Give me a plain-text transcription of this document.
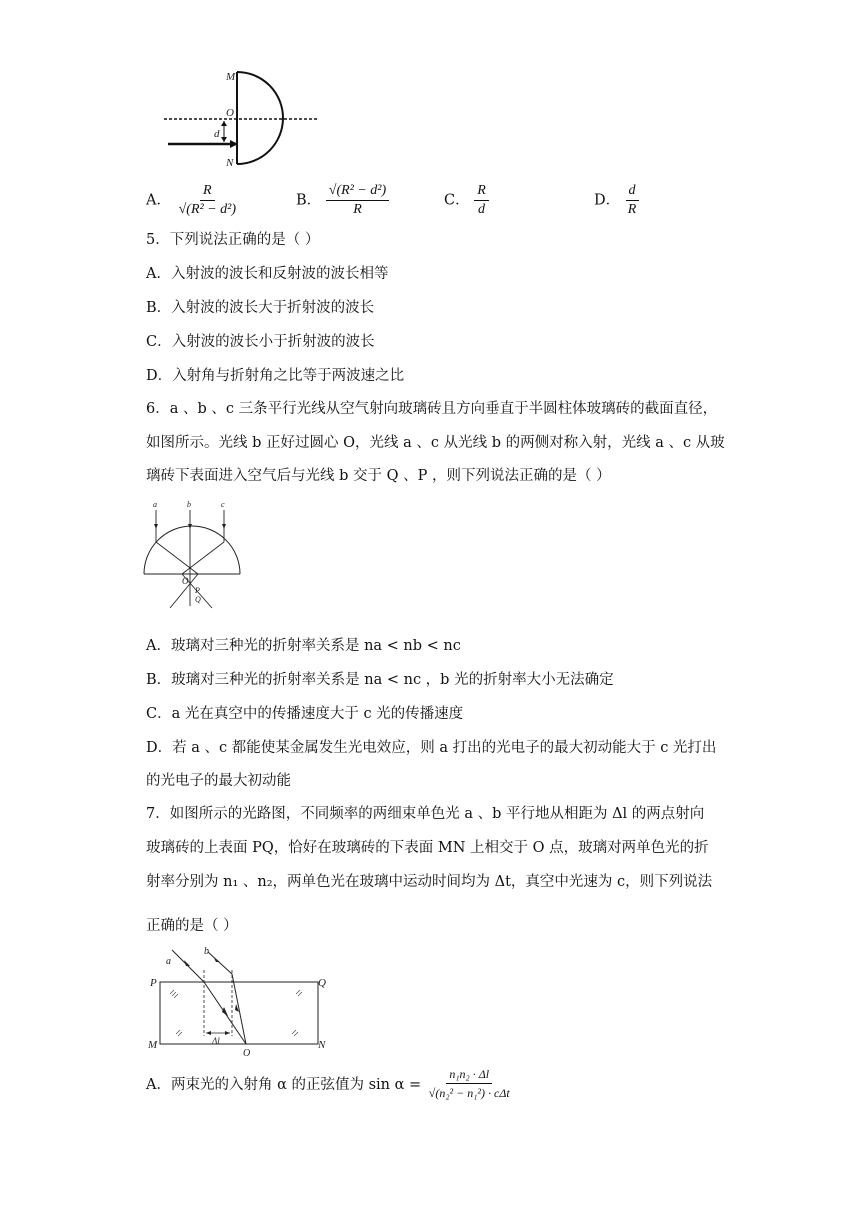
M
O
d
N
A． $\frac{R}{\text{√(R² − d²)}}$	B． $\frac{\text{√(R² − d²)}}{R}$	C． $\frac{R}{d}$	D． $\frac{d}{R}$
5．下列说法正确的是（ ）
A．入射波的波长和反射波的波长相等
B．入射波的波长大于折射波的波长
C．入射波的波长小于折射波的波长
D．入射角与折射角之比等于两波速之比
6．a 、b 、c 三条平行光线从空气射向玻璃砖且方向垂直于半圆柱体玻璃砖的截面直径，
如图所示。光线 b 正好过圆心 O，光线 a 、c 从光线 b 的两侧对称入射，光线 a 、c 从玻
璃砖下表面进入空气后与光线 b 交于 Q 、P ，则下列说法正确的是（ ）
a	b	c
O
P
Q
A．玻璃对三种光的折射率关系是 na < nb < nc
B．玻璃对三种光的折射率关系是 na < nc ，b 光的折射率大小无法确定
C．a 光在真空中的传播速度大于 c 光的传播速度
D．若 a 、c 都能使某金属发生光电效应，则 a 打出的光电子的最大初动能大于 c 光打出
的光电子的最大初动能
7．如图所示的光路图，不同频率的两细束单色光 a 、b 平行地从相距为 Δl 的两点射向
玻璃砖的上表面 PQ，恰好在玻璃砖的下表面 MN 上相交于 O 点，玻璃对两单色光的折
射率分别为 n₁ 、n₂，两单色光在玻璃中运动时间均为 Δt，真空中光速为 c，则下列说法
正确的是（ ）
a
b
P	Q
M	N
O
Δl
A．两束光的入射角 α 的正弦值为 $\sin \alpha = \frac{\text{n₁n₂ · Δl}}{\text{√(n₂² − n₁²) · cΔt}}$
